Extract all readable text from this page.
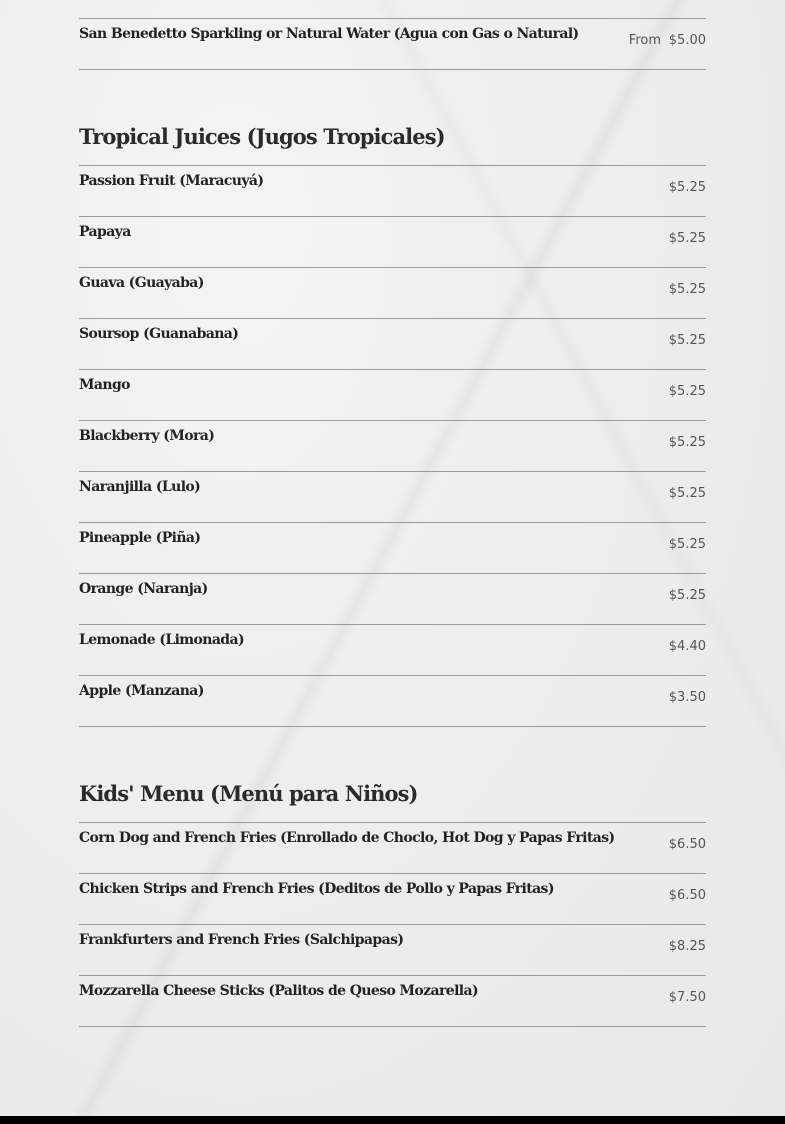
San Benedetto Sparkling or Natural Water (Agua con Gas o Natural)	From $5.00
Tropical Juices (Jugos Tropicales)
Passion Fruit (Maracuyá)	$5.25
Papaya	$5.25
Guava (Guayaba)	$5.25
Soursop (Guanabana)	$5.25
Mango	$5.25
Blackberry (Mora)	$5.25
Naranjilla (Lulo)	$5.25
Pineapple (Piña)	$5.25
Orange (Naranja)	$5.25
Lemonade (Limonada)	$4.40
Apple (Manzana)	$3.50
Kids' Menu (Menú para Niños)
Corn Dog and French Fries (Enrollado de Choclo, Hot Dog y Papas Fritas)	$6.50
Chicken Strips and French Fries (Deditos de Pollo y Papas Fritas)	$6.50
Frankfurters and French Fries (Salchipapas)	$8.25
Mozzarella Cheese Sticks (Palitos de Queso Mozarella)	$7.50
